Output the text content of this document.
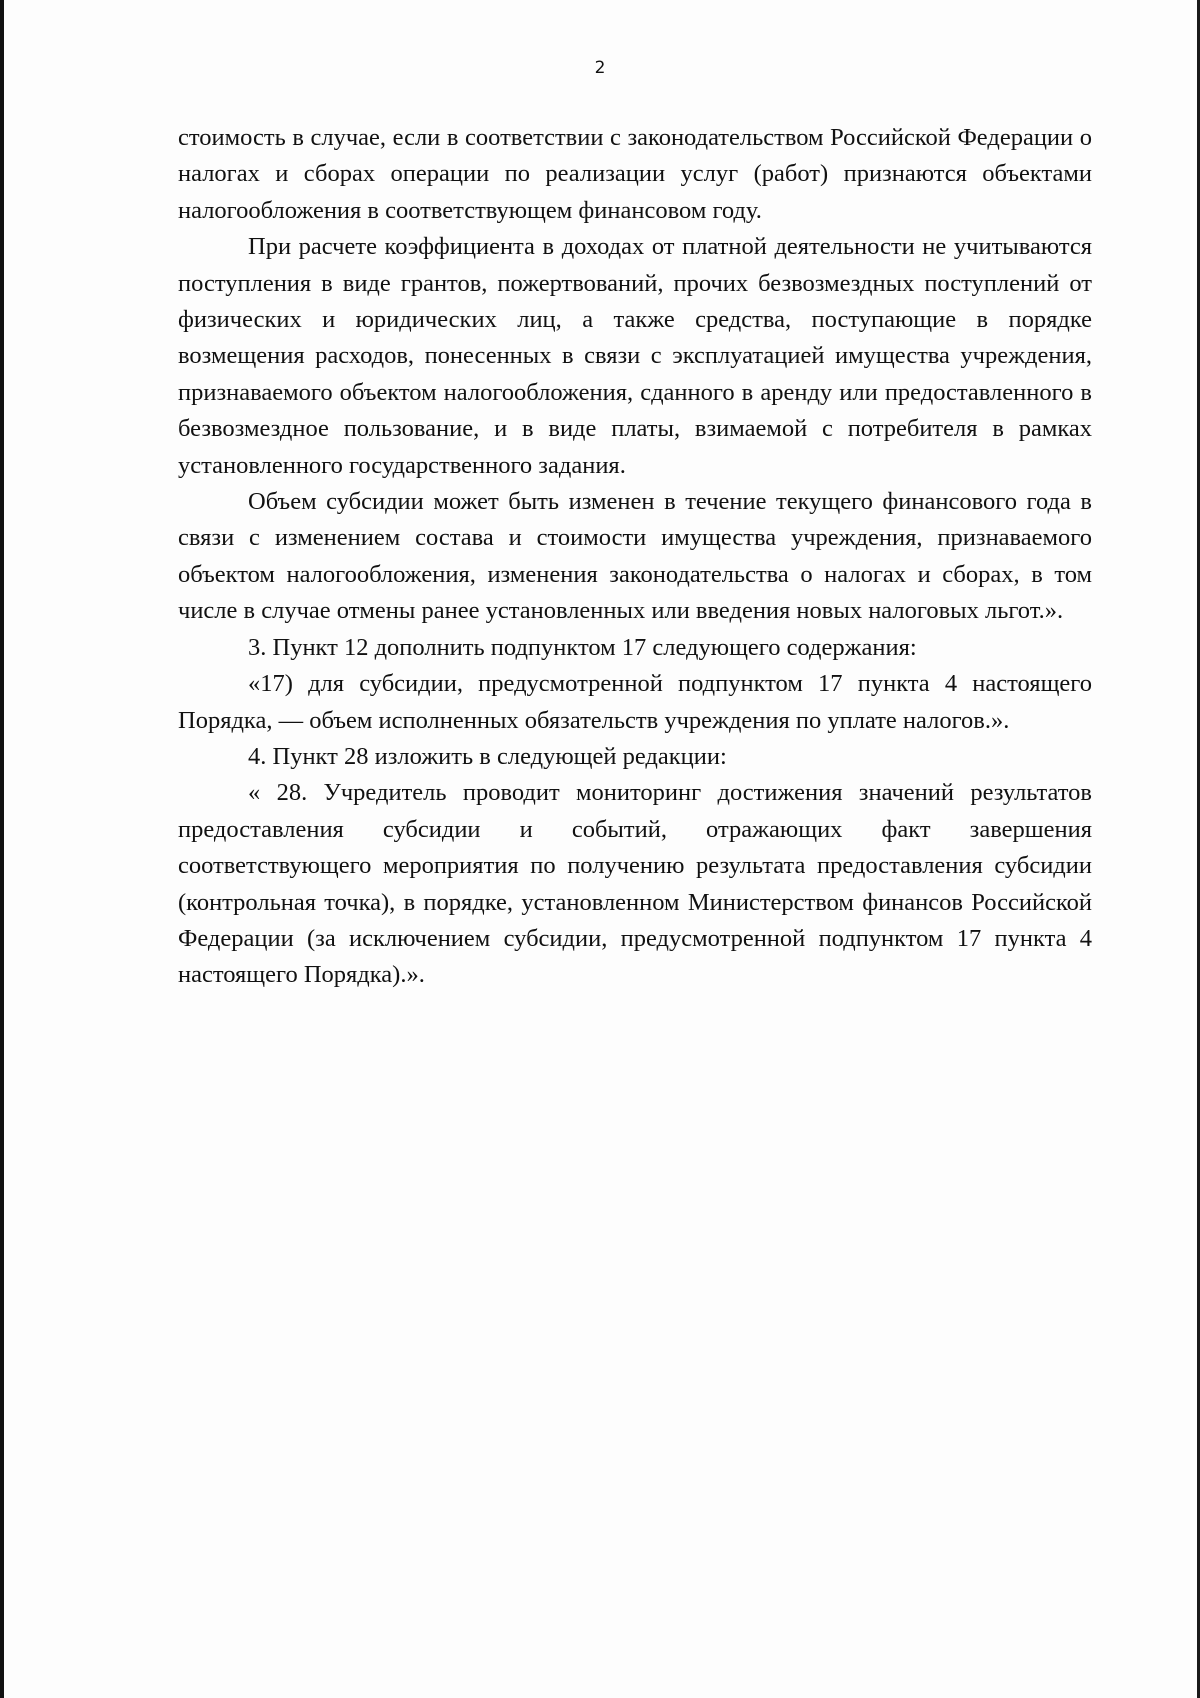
2

стоимость в случае, если в соответствии с законодательством Российской Федерации о налогах и сборах операции по реализации услуг (работ) признаются объектами налогообложения в соответствующем финансовом году.

При расчете коэффициента в доходах от платной деятельности не учитываются поступления в виде грантов, пожертвований, прочих безвозмездных поступлений от физических и юридических лиц, а также средства, поступающие в порядке возмещения расходов, понесенных в связи с эксплуатацией имущества учреждения, признаваемого объектом налогообложения, сданного в аренду или предоставленного в безвозмездное пользование, и в виде платы, взимаемой с потребителя в рамках установленного государственного задания.

Объем субсидии может быть изменен в течение текущего финансового года в связи с изменением состава и стоимости имущества учреждения, признаваемого объектом налогообложения, изменения законодательства о налогах и сборах, в том числе в случае отмены ранее установленных или введения новых налоговых льгот.».

3. Пункт 12 дополнить подпунктом 17 следующего содержания:

«17) для субсидии, предусмотренной подпунктом 17 пункта 4 настоящего Порядка, — объем исполненных обязательств учреждения по уплате налогов.».

4. Пункт 28 изложить в следующей редакции:

« 28. Учредитель проводит мониторинг достижения значений результатов предоставления субсидии и событий, отражающих факт завершения соответствующего мероприятия по получению результата предоставления субсидии (контрольная точка), в порядке, установленном Министерством финансов Российской Федерации (за исключением субсидии, предусмотренной подпунктом 17 пункта 4 настоящего Порядка).».
